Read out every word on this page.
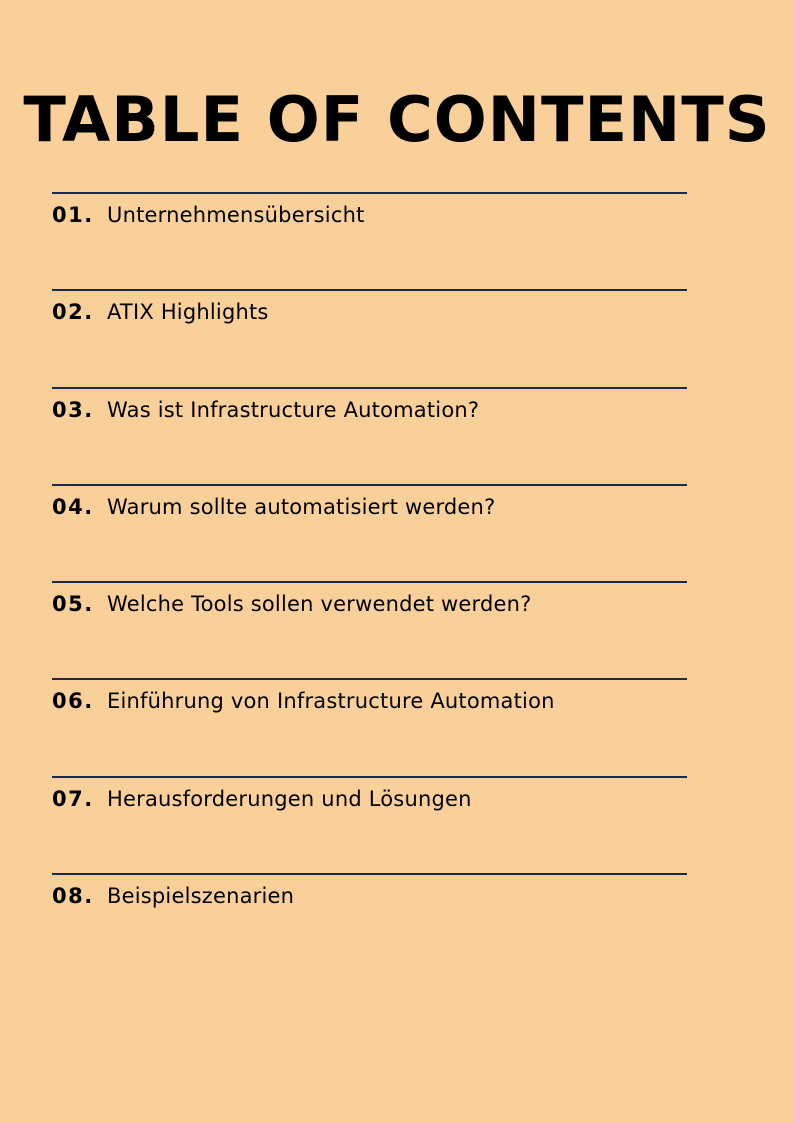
TABLE OF CONTENTS
01. Unternehmensübersicht
02. ATIX Highlights
03. Was ist Infrastructure Automation?
04. Warum sollte automatisiert werden?
05. Welche Tools sollen verwendet werden?
06. Einführung von Infrastructure Automation
07. Herausforderungen und Lösungen
08. Beispielszenarien
